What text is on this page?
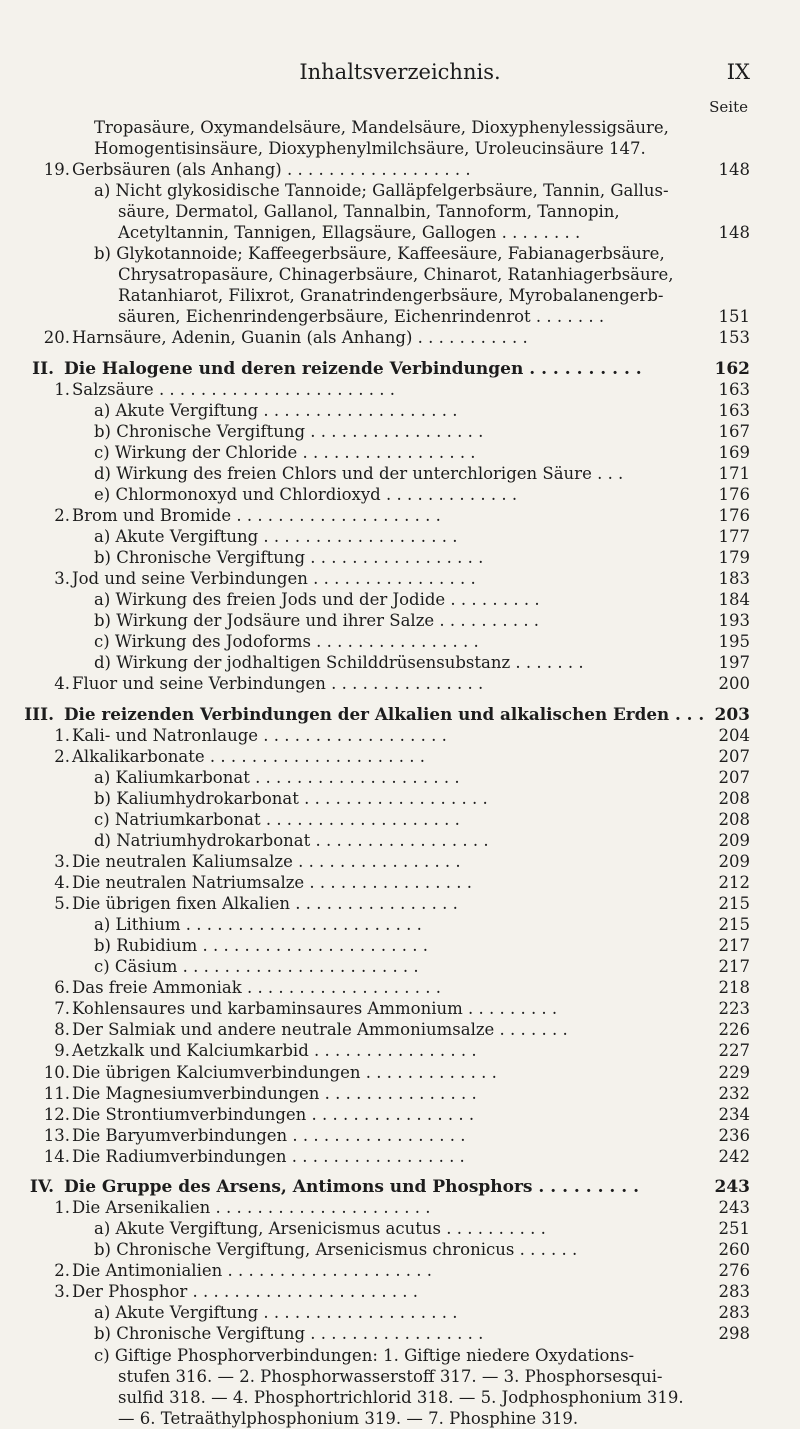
Inhaltsverzeichnis.	IX
Seite
Tropasäure, Oxymandelsäure, Mandelsäure, Dioxyphenylessigsäure,
Homogentisinsäure, Dioxyphenylmilchsäure, Uroleucinsäure 147.
19. Gerbsäuren (als Anhang) . . . . . . . . . . . . . . . . . .	148
a) Nicht glykosidische Tannoide; Galläpfelgerbsäure, Tannin, Gallus-
säure, Dermatol, Gallanol, Tannalbin, Tannoform, Tannopin,
Acetyltannin, Tannigen, Ellagsäure, Gallogen . . . . . . . .	148
b) Glykotannoide; Kaffeegerbsäure, Kaffeesäure, Fabianagerbsäure,
Chrysatropasäure, Chinagerbsäure, Chinarot, Ratanhiagerbsäure,
Ratanhiarot, Filixrot, Granatrindengerbsäure, Myrobalanengerb-
säuren, Eichenrindengerbsäure, Eichenrindenrot . . . . . . .	151
20. Harnsäure, Adenin, Guanin (als Anhang) . . . . . . . . . . .	153
II. Die Halogene und deren reizende Verbindungen . . . . . . . . . .	162
1. Salzsäure . . . . . . . . . . . . . . . . . . . . . . .	163
a) Akute Vergiftung . . . . . . . . . . . . . . . . . . .	163
b) Chronische Vergiftung . . . . . . . . . . . . . . . . .	167
c) Wirkung der Chloride . . . . . . . . . . . . . . . . .	169
d) Wirkung des freien Chlors und der unterchlorigen Säure . . .	171
e) Chlormonoxyd und Chlordioxyd . . . . . . . . . . . . .	176
2. Brom und Bromide . . . . . . . . . . . . . . . . . . . .	176
a) Akute Vergiftung . . . . . . . . . . . . . . . . . . .	177
b) Chronische Vergiftung . . . . . . . . . . . . . . . . .	179
3. Jod und seine Verbindungen . . . . . . . . . . . . . . . .	183
a) Wirkung des freien Jods und der Jodide . . . . . . . . .	184
b) Wirkung der Jodsäure und ihrer Salze . . . . . . . . . .	193
c) Wirkung des Jodoforms . . . . . . . . . . . . . . . .	195
d) Wirkung der jodhaltigen Schilddrüsensubstanz . . . . . . .	197
4. Fluor und seine Verbindungen . . . . . . . . . . . . . . .	200
III. Die reizenden Verbindungen der Alkalien und alkalischen Erden . . . 203
1. Kali- und Natronlauge . . . . . . . . . . . . . . . . . .	204
2. Alkalikarbonate . . . . . . . . . . . . . . . . . . . . .	207
a) Kaliumkarbonat . . . . . . . . . . . . . . . . . . . .	207
b) Kaliumhydrokarbonat . . . . . . . . . . . . . . . . . .	208
c) Natriumkarbonat . . . . . . . . . . . . . . . . . . .	208
d) Natriumhydrokarbonat . . . . . . . . . . . . . . . . .	209
3. Die neutralen Kaliumsalze . . . . . . . . . . . . . . . .	209
4. Die neutralen Natriumsalze . . . . . . . . . . . . . . . .	212
5. Die übrigen fixen Alkalien . . . . . . . . . . . . . . . .	215
a) Lithium . . . . . . . . . . . . . . . . . . . . . . .	215
b) Rubidium . . . . . . . . . . . . . . . . . . . . . .	217
c) Cäsium . . . . . . . . . . . . . . . . . . . . . . .	217
6. Das freie Ammoniak . . . . . . . . . . . . . . . . . . .	218
7. Kohlensaures und karbaminsaures Ammonium . . . . . . . . .	223
8. Der Salmiak und andere neutrale Ammoniumsalze . . . . . . .	226
9. Aetzkalk und Kalciumkarbid . . . . . . . . . . . . . . . .	227
10. Die übrigen Kalciumverbindungen . . . . . . . . . . . . .	229
11. Die Magnesiumverbindungen . . . . . . . . . . . . . . .	232
12. Die Strontiumverbindungen . . . . . . . . . . . . . . . .	234
13. Die Baryumverbindungen . . . . . . . . . . . . . . . . .	236
14. Die Radiumverbindungen . . . . . . . . . . . . . . . . .	242
IV. Die Gruppe des Arsens, Antimons und Phosphors . . . . . . . . .	243
1. Die Arsenikalien . . . . . . . . . . . . . . . . . . . . .	243
a) Akute Vergiftung, Arsenicismus acutus . . . . . . . . . .	251
b) Chronische Vergiftung, Arsenicismus chronicus . . . . . .	260
2. Die Antimonialien . . . . . . . . . . . . . . . . . . . .	276
3. Der Phosphor . . . . . . . . . . . . . . . . . . . . . .	283
a) Akute Vergiftung . . . . . . . . . . . . . . . . . . .	283
b) Chronische Vergiftung . . . . . . . . . . . . . . . . .	298
c) Giftige Phosphorverbindungen: 1. Giftige niedere Oxydations-
stufen 316. — 2. Phosphorwasserstoff 317. — 3. Phosphorsesqui-
sulfid 318. — 4. Phosphortrichlorid 318. — 5. Jodphosphonium 319.
— 6. Tetraäthylphosphonium 319. — 7. Phosphine 319.
